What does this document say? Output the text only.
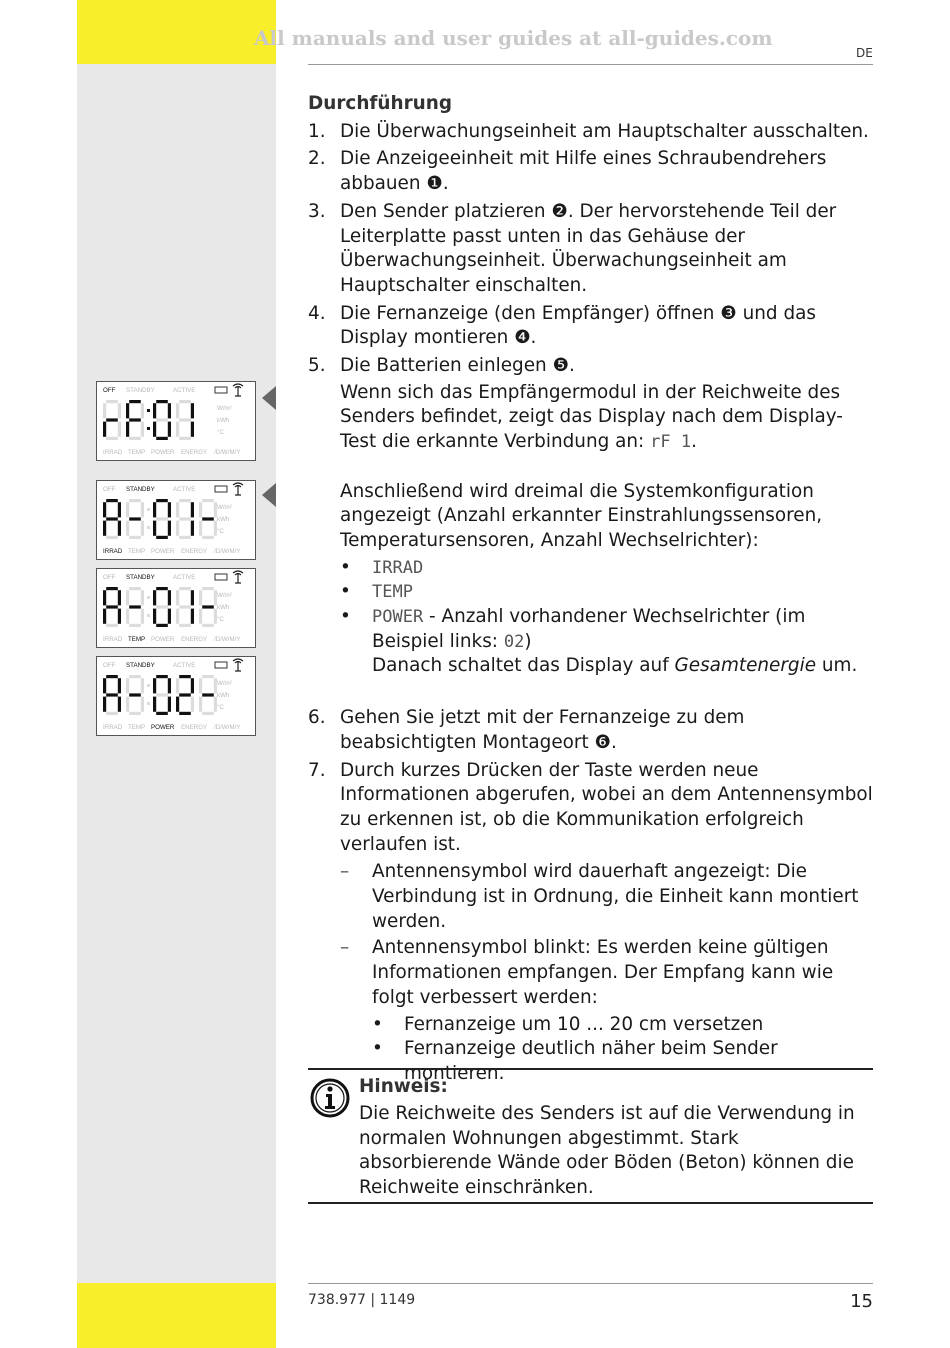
All manuals and user guides at all-guides.com
DE
Durchführung
1. Die Überwachungseinheit am Hauptschalter ausschalten.
2. Die Anzeigeeinheit mit Hilfe eines Schraubendrehers abbauen ❶.
3. Den Sender platzieren ❷. Der hervorstehende Teil der Leiterplatte passt unten in das Gehäuse der Überwachungseinheit. Überwachungseinheit am Hauptschalter einschalten.
4. Die Fernanzeige (den Empfänger) öffnen ❸ und das Display montieren ❹.
5. Die Batterien einlegen ❺.
Wenn sich das Empfängermodul in der Reichweite des Senders befindet, zeigt das Display nach dem Display-Test die erkannte Verbindung an: rF 1.
Anschließend wird dreimal die Systemkonfiguration angezeigt (Anzahl erkannter Einstrahlungssensoren, Temperatursensoren, Anzahl Wechselrichter):
• IRRAD
• TEMP
• POWER - Anzahl vorhandener Wechselrichter (im Beispiel links: 02)
Danach schaltet das Display auf Gesamtenergie um.
6. Gehen Sie jetzt mit der Fernanzeige zu dem beabsichtigten Montageort ❻.
7. Durch kurzes Drücken der Taste werden neue Informationen abgerufen, wobei an dem Antennensymbol zu erkennen ist, ob die Kommunikation erfolgreich verlaufen ist.
– Antennensymbol wird dauerhaft angezeigt: Die Verbindung ist in Ordnung, die Einheit kann montiert werden.
– Antennensymbol blinkt: Es werden keine gültigen Informationen empfangen. Der Empfang kann wie folgt verbessert werden:
• Fernanzeige um 10 ... 20 cm versetzen
• Fernanzeige deutlich näher beim Sender montieren.
Hinweis:
Die Reichweite des Senders ist auf die Verwendung in normalen Wohnungen abgestimmt. Stark absorbierende Wände oder Böden (Beton) können die Reichweite einschränken.
738.977 | 1149	15
OFF STANDBY	ACTIVE
IRRAD TEMP POWER ENERGY /D/W/M/Y
W/m²
kWh
°C
OFF STANDBY	ACTIVE
IRRAD TEMP POWER ENERGY /D/W/M/Y
W/m²
kWh
°C
OFF STANDBY	ACTIVE
IRRAD TEMP POWER ENERGY /D/W/M/Y
W/m²
kWh
°C
OFF STANDBY	ACTIVE
IRRAD TEMP POWER ENERGY /D/W/M/Y
W/m²
kWh
°C
